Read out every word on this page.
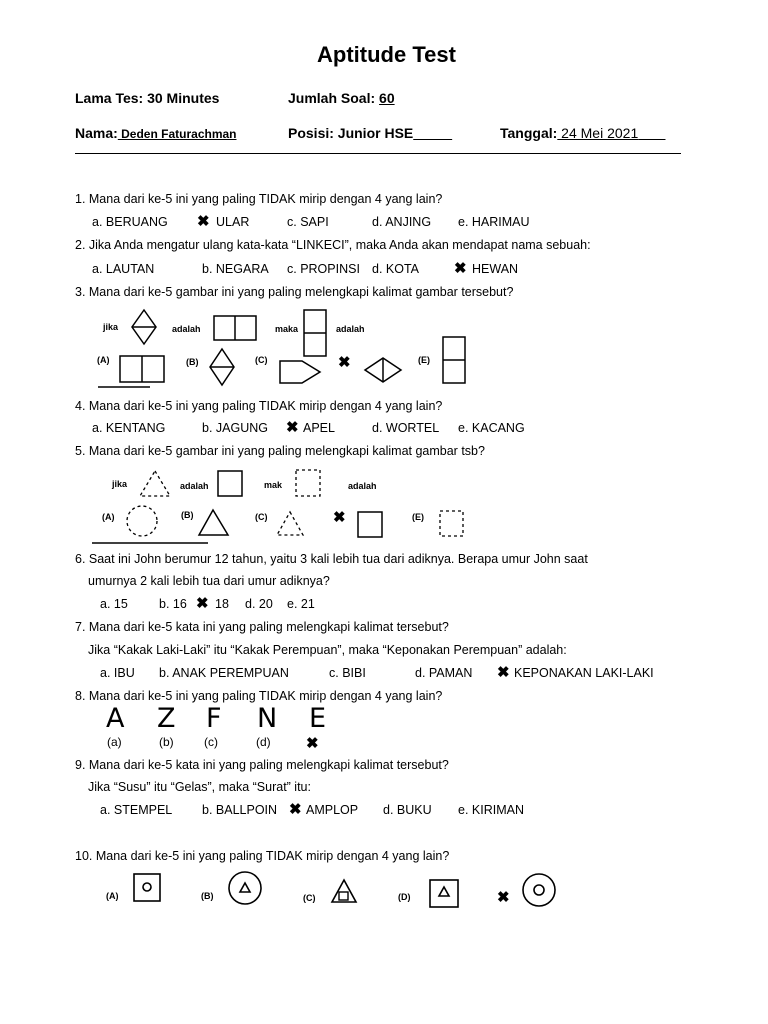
Aptitude Test
Lama Tes: 30 Minutes	Jumlah Soal: 60
Nama: Deden Faturachman	Posisi: Junior HSE	Tanggal: 24 Mei 2021
1. Mana dari ke-5 ini yang paling TIDAK mirip dengan 4 yang lain?
a. BERUANG ✖ ULAR	c. SAPI	d. ANJING e. HARIMAU
2. Jika Anda mengatur ulang kata-kata “LINKECI”, maka Anda akan mendapat nama sebuah:
a. LAUTAN	b. NEGARA c. PROPINSI d. KOTA ✖ HEWAN
3. Mana dari ke-5 gambar ini yang paling melengkapi kalimat gambar tersebut?
jika	adalah	maka	adalah
(A)	(B)	(C)	✖	(E)
4. Mana dari ke-5 ini yang paling TIDAK mirip dengan 4 yang lain?
a. KENTANG	b. JAGUNG ✖ APEL	d. WORTEL e. KACANG
5. Mana dari ke-5 gambar ini yang paling melengkapi kalimat gambar tsb?
jika	adalah	mak	adalah
(A)	(B)	(C)	✖	(E)
6. Saat ini John berumur 12 tahun, yaitu 3 kali lebih tua dari adiknya. Berapa umur John saat
umurnya 2 kali lebih tua dari umur adiknya?
a. 15 b. 16 ✖ 18 d. 20 e. 21
7. Mana dari ke-5 kata ini yang paling melengkapi kalimat tersebut?
Jika “Kakak Laki-Laki” itu “Kakak Perempuan”, maka “Keponakan Perempuan” adalah:
a. IBU b. ANAK PEREMPUAN	c. BIBI	d. PAMAN ✖ KEPONAKAN LAKI-LAKI
8. Mana dari ke-5 ini yang paling TIDAK mirip dengan 4 yang lain?
A Z F N E
(a)	(b)	(c)	(d) ✖
9. Mana dari ke-5 kata ini yang paling melengkapi kalimat tersebut?
Jika “Susu” itu “Gelas”, maka “Surat” itu:
a. STEMPEL b. BALLPOIN ✖ AMPLOP d. BUKU e. KIRIMAN
10. Mana dari ke-5 ini yang paling TIDAK mirip dengan 4 yang lain?
(A)	(B)	(C)	(D)	✖
